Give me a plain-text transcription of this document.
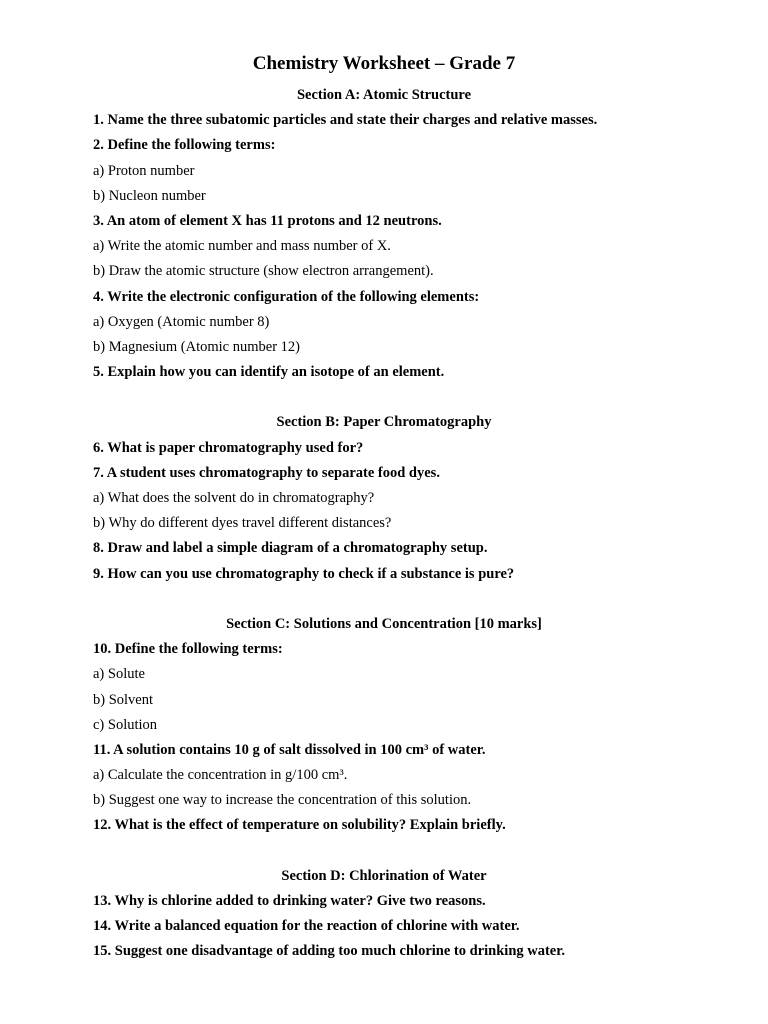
Chemistry Worksheet – Grade 7
Section A: Atomic Structure
1. Name the three subatomic particles and state their charges and relative masses.
2. Define the following terms:
a) Proton number
b) Nucleon number
3. An atom of element X has 11 protons and 12 neutrons.
a) Write the atomic number and mass number of X.
b) Draw the atomic structure (show electron arrangement).
4. Write the electronic configuration of the following elements:
a) Oxygen (Atomic number 8)
b) Magnesium (Atomic number 12)
5. Explain how you can identify an isotope of an element.
Section B: Paper Chromatography
6. What is paper chromatography used for?
7. A student uses chromatography to separate food dyes.
a) What does the solvent do in chromatography?
b) Why do different dyes travel different distances?
8. Draw and label a simple diagram of a chromatography setup.
9. How can you use chromatography to check if a substance is pure?
Section C: Solutions and Concentration [10 marks]
10. Define the following terms:
a) Solute
b) Solvent
c) Solution
11. A solution contains 10 g of salt dissolved in 100 cm³ of water.
a) Calculate the concentration in g/100 cm³.
b) Suggest one way to increase the concentration of this solution.
12. What is the effect of temperature on solubility? Explain briefly.
Section D: Chlorination of Water
13. Why is chlorine added to drinking water? Give two reasons.
14. Write a balanced equation for the reaction of chlorine with water.
15. Suggest one disadvantage of adding too much chlorine to drinking water.
